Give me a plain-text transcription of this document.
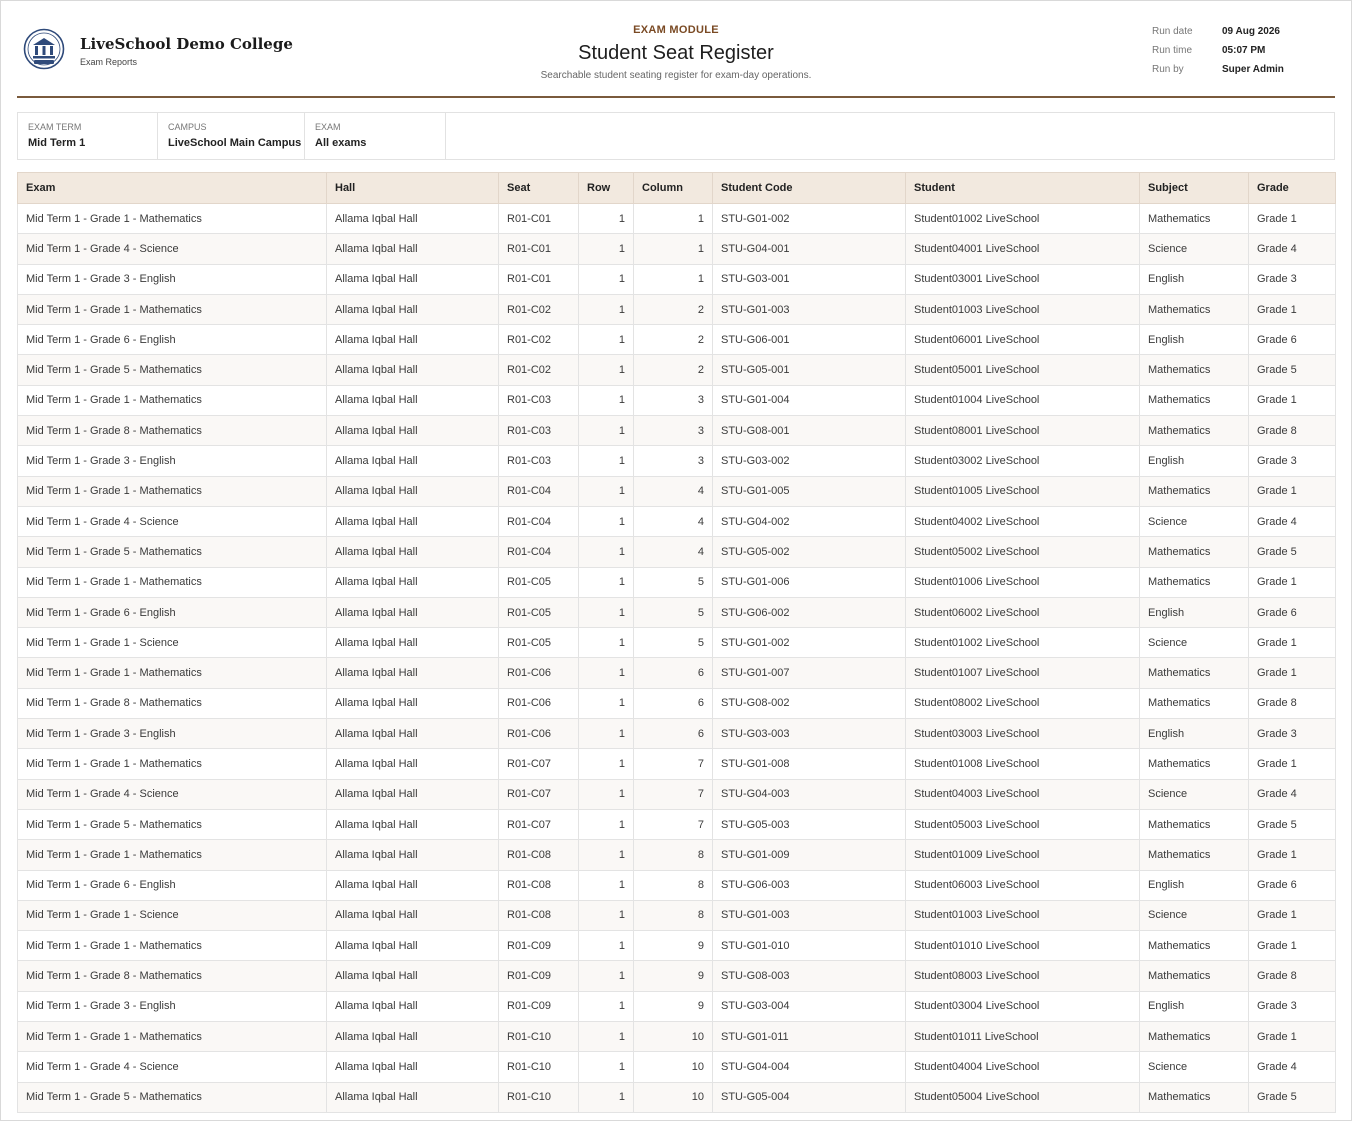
LiveSchool Demo College
Exam Reports
EXAM MODULE
Student Seat Register
Searchable student seating register for exam-day operations.
Run date	09 Aug 2026
Run time	05:07 PM
Run by	Super Admin
EXAM TERM
Mid Term 1
CAMPUS
LiveSchool Main Campus
EXAM
All exams
Exam	Hall	Seat	Row	Column	Student Code	Student	Subject	Grade
Mid Term 1 - Grade 1 - Mathematics	Allama Iqbal Hall	R01-C01	1	1	STU-G01-002	Student01002 LiveSchool	Mathematics	Grade 1
Mid Term 1 - Grade 4 - Science	Allama Iqbal Hall	R01-C01	1	1	STU-G04-001	Student04001 LiveSchool	Science	Grade 4
Mid Term 1 - Grade 3 - English	Allama Iqbal Hall	R01-C01	1	1	STU-G03-001	Student03001 LiveSchool	English	Grade 3
Mid Term 1 - Grade 1 - Mathematics	Allama Iqbal Hall	R01-C02	1	2	STU-G01-003	Student01003 LiveSchool	Mathematics	Grade 1
Mid Term 1 - Grade 6 - English	Allama Iqbal Hall	R01-C02	1	2	STU-G06-001	Student06001 LiveSchool	English	Grade 6
Mid Term 1 - Grade 5 - Mathematics	Allama Iqbal Hall	R01-C02	1	2	STU-G05-001	Student05001 LiveSchool	Mathematics	Grade 5
Mid Term 1 - Grade 1 - Mathematics	Allama Iqbal Hall	R01-C03	1	3	STU-G01-004	Student01004 LiveSchool	Mathematics	Grade 1
Mid Term 1 - Grade 8 - Mathematics	Allama Iqbal Hall	R01-C03	1	3	STU-G08-001	Student08001 LiveSchool	Mathematics	Grade 8
Mid Term 1 - Grade 3 - English	Allama Iqbal Hall	R01-C03	1	3	STU-G03-002	Student03002 LiveSchool	English	Grade 3
Mid Term 1 - Grade 1 - Mathematics	Allama Iqbal Hall	R01-C04	1	4	STU-G01-005	Student01005 LiveSchool	Mathematics	Grade 1
Mid Term 1 - Grade 4 - Science	Allama Iqbal Hall	R01-C04	1	4	STU-G04-002	Student04002 LiveSchool	Science	Grade 4
Mid Term 1 - Grade 5 - Mathematics	Allama Iqbal Hall	R01-C04	1	4	STU-G05-002	Student05002 LiveSchool	Mathematics	Grade 5
Mid Term 1 - Grade 1 - Mathematics	Allama Iqbal Hall	R01-C05	1	5	STU-G01-006	Student01006 LiveSchool	Mathematics	Grade 1
Mid Term 1 - Grade 6 - English	Allama Iqbal Hall	R01-C05	1	5	STU-G06-002	Student06002 LiveSchool	English	Grade 6
Mid Term 1 - Grade 1 - Science	Allama Iqbal Hall	R01-C05	1	5	STU-G01-002	Student01002 LiveSchool	Science	Grade 1
Mid Term 1 - Grade 1 - Mathematics	Allama Iqbal Hall	R01-C06	1	6	STU-G01-007	Student01007 LiveSchool	Mathematics	Grade 1
Mid Term 1 - Grade 8 - Mathematics	Allama Iqbal Hall	R01-C06	1	6	STU-G08-002	Student08002 LiveSchool	Mathematics	Grade 8
Mid Term 1 - Grade 3 - English	Allama Iqbal Hall	R01-C06	1	6	STU-G03-003	Student03003 LiveSchool	English	Grade 3
Mid Term 1 - Grade 1 - Mathematics	Allama Iqbal Hall	R01-C07	1	7	STU-G01-008	Student01008 LiveSchool	Mathematics	Grade 1
Mid Term 1 - Grade 4 - Science	Allama Iqbal Hall	R01-C07	1	7	STU-G04-003	Student04003 LiveSchool	Science	Grade 4
Mid Term 1 - Grade 5 - Mathematics	Allama Iqbal Hall	R01-C07	1	7	STU-G05-003	Student05003 LiveSchool	Mathematics	Grade 5
Mid Term 1 - Grade 1 - Mathematics	Allama Iqbal Hall	R01-C08	1	8	STU-G01-009	Student01009 LiveSchool	Mathematics	Grade 1
Mid Term 1 - Grade 6 - English	Allama Iqbal Hall	R01-C08	1	8	STU-G06-003	Student06003 LiveSchool	English	Grade 6
Mid Term 1 - Grade 1 - Science	Allama Iqbal Hall	R01-C08	1	8	STU-G01-003	Student01003 LiveSchool	Science	Grade 1
Mid Term 1 - Grade 1 - Mathematics	Allama Iqbal Hall	R01-C09	1	9	STU-G01-010	Student01010 LiveSchool	Mathematics	Grade 1
Mid Term 1 - Grade 8 - Mathematics	Allama Iqbal Hall	R01-C09	1	9	STU-G08-003	Student08003 LiveSchool	Mathematics	Grade 8
Mid Term 1 - Grade 3 - English	Allama Iqbal Hall	R01-C09	1	9	STU-G03-004	Student03004 LiveSchool	English	Grade 3
Mid Term 1 - Grade 1 - Mathematics	Allama Iqbal Hall	R01-C10	1	10	STU-G01-011	Student01011 LiveSchool	Mathematics	Grade 1
Mid Term 1 - Grade 4 - Science	Allama Iqbal Hall	R01-C10	1	10	STU-G04-004	Student04004 LiveSchool	Science	Grade 4
Mid Term 1 - Grade 5 - Mathematics	Allama Iqbal Hall	R01-C10	1	10	STU-G05-004	Student05004 LiveSchool	Mathematics	Grade 5
